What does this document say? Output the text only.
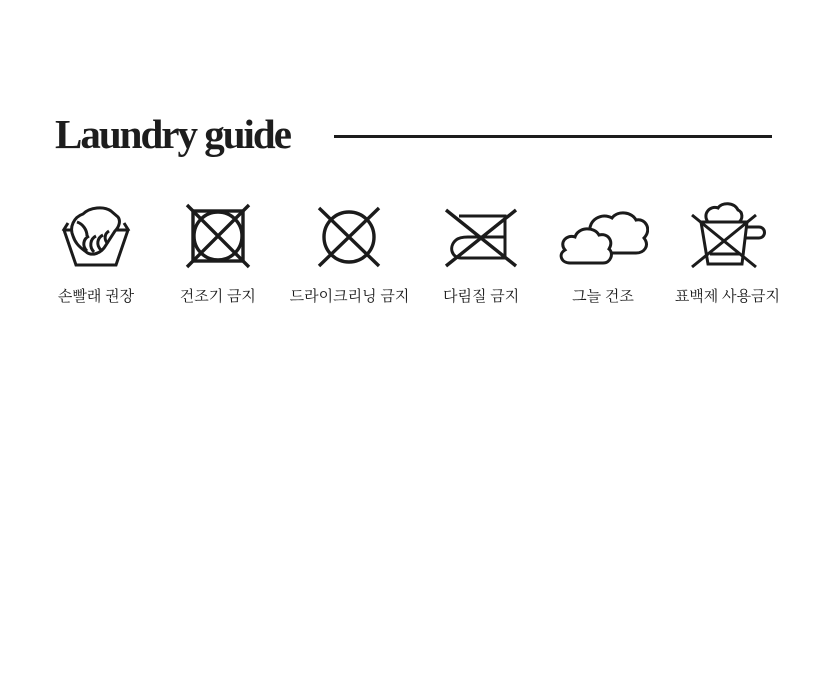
Laundry guide
손빨래 권장	건조기 금지 드라이크리닝 금지 다림질 금지	그늘 건조	표백제 사용금지
